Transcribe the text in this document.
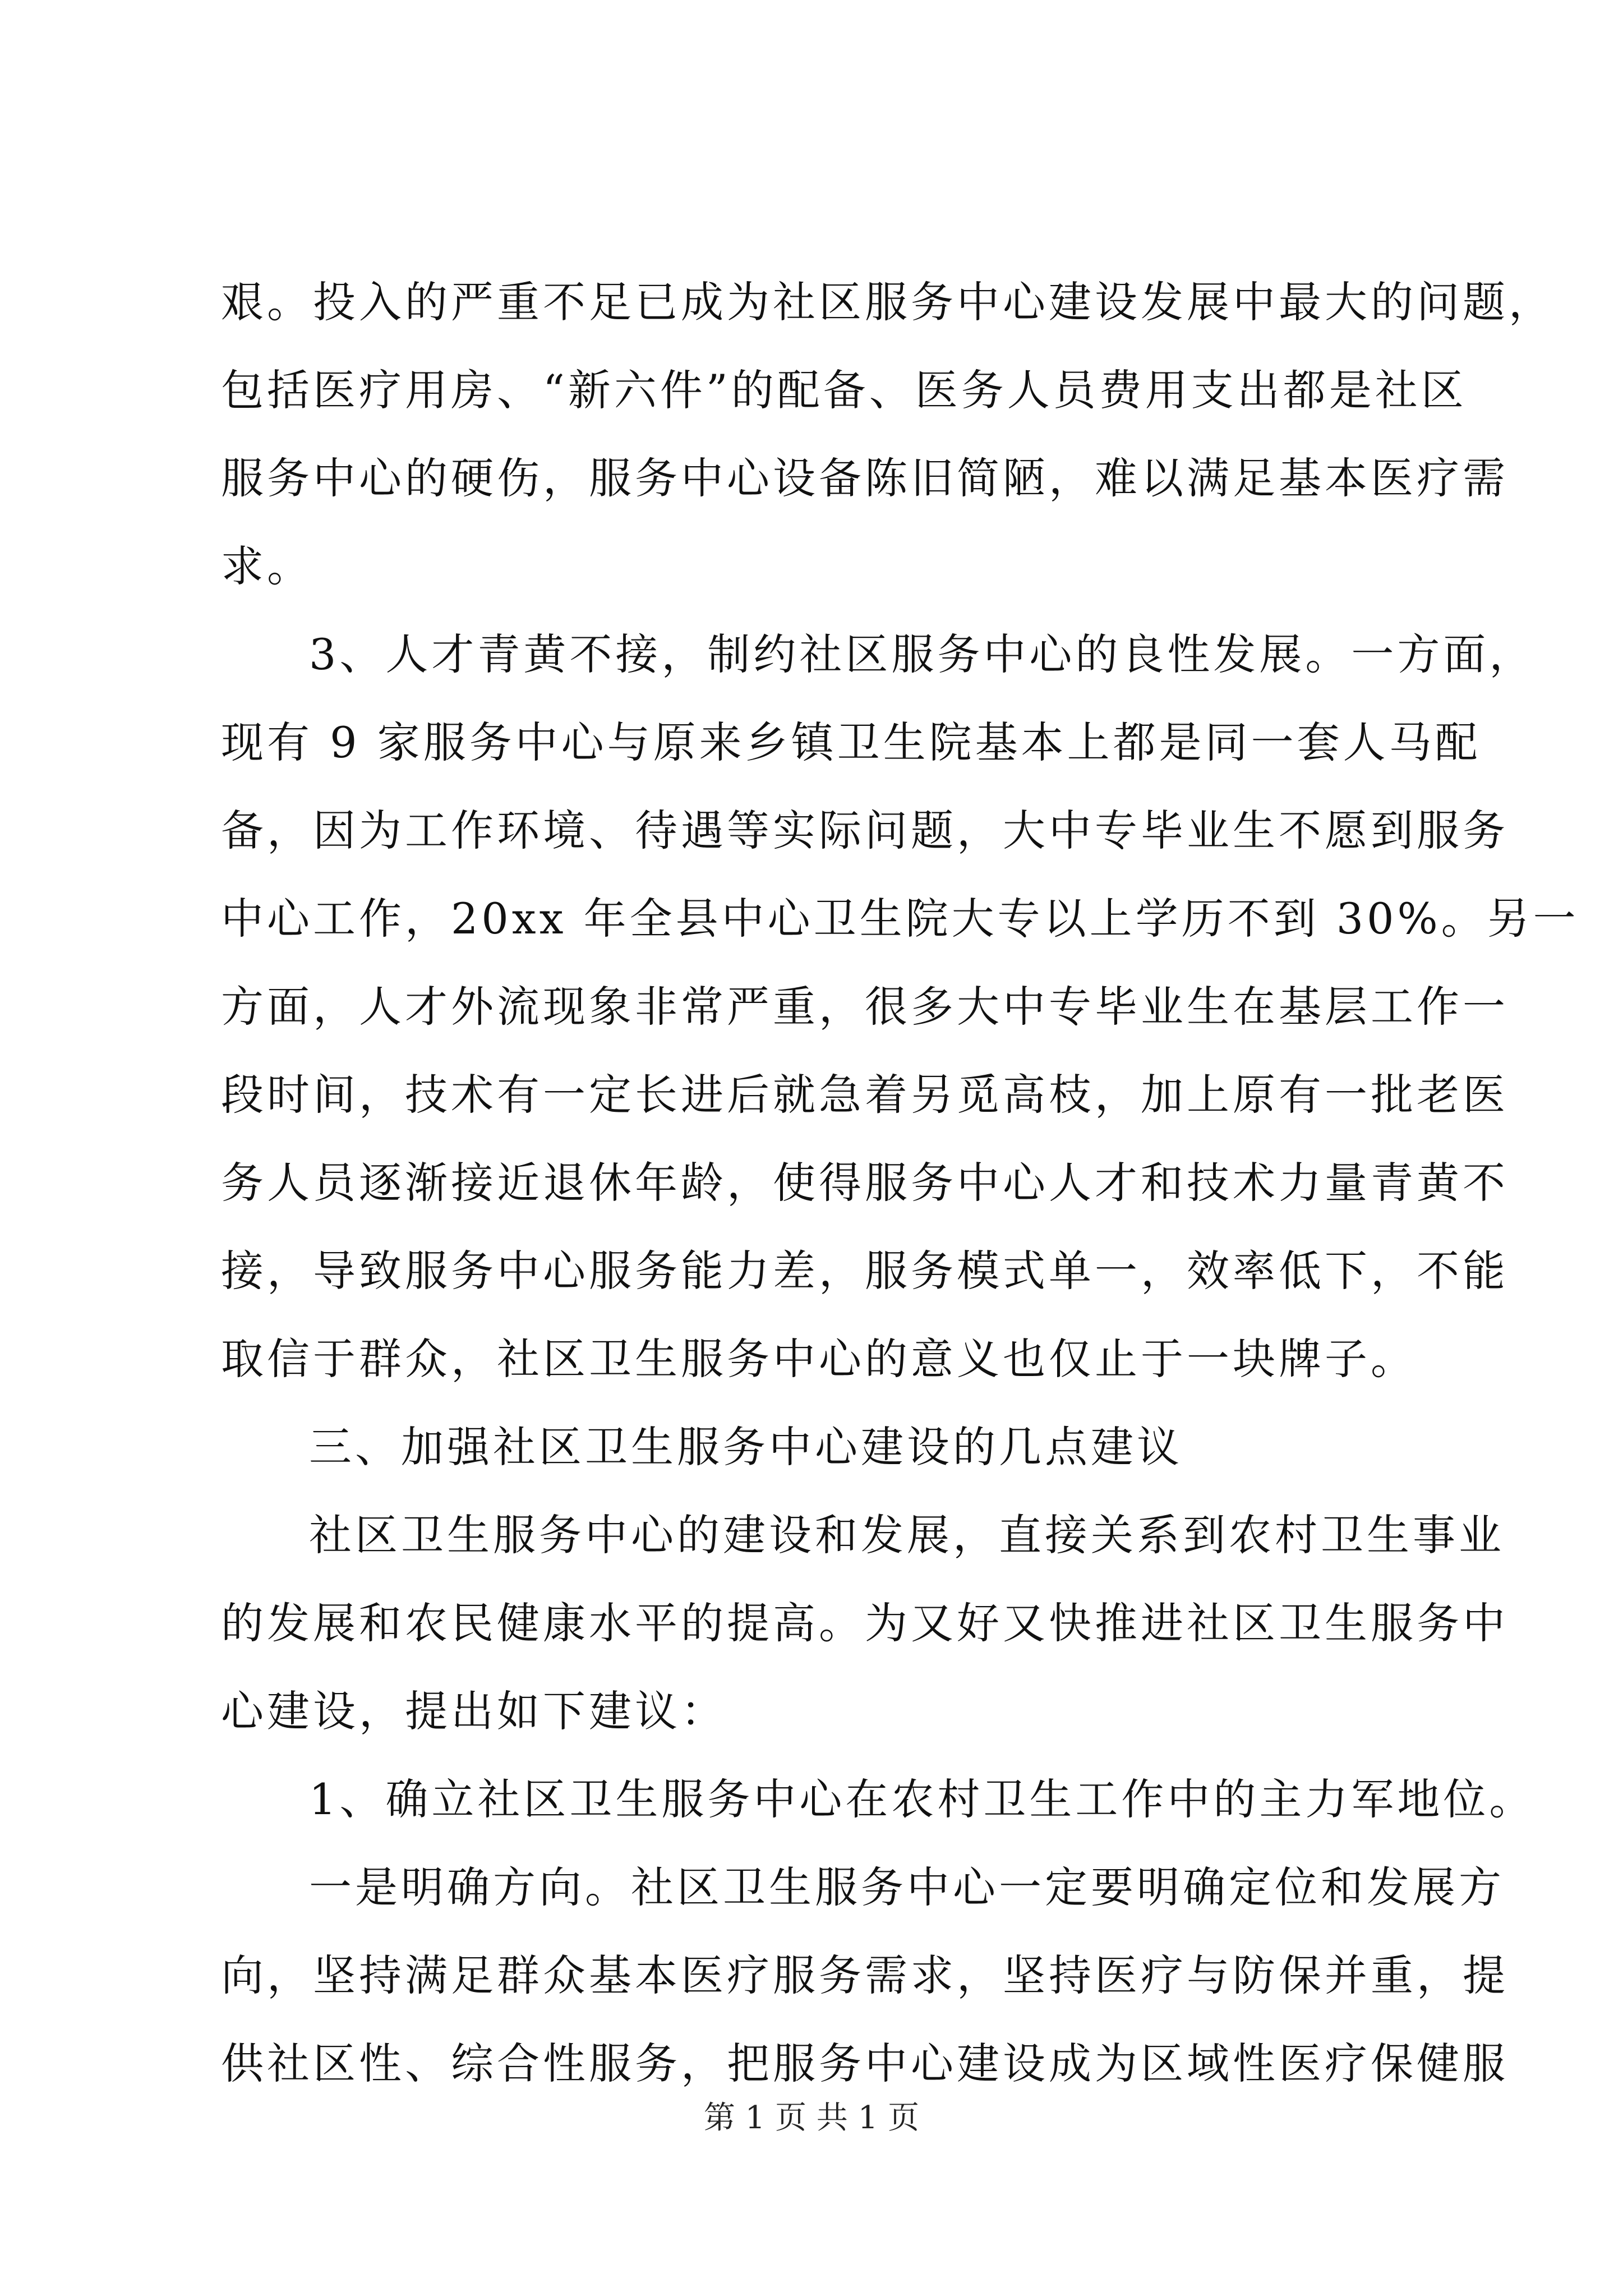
艰。投入的严重不足已成为社区服务中心建设发展中最大的问题，
包括医疗用房、“新六件”的配备、医务人员费用支出都是社区
服务中心的硬伤，服务中心设备陈旧简陋，难以满足基本医疗需
求。
3、人才青黄不接，制约社区服务中心的良性发展。一方面，
现有 9 家服务中心与原来乡镇卫生院基本上都是同一套人马配
备，因为工作环境、待遇等实际问题，大中专毕业生不愿到服务
中心工作，20xx 年全县中心卫生院大专以上学历不到 30%。另一
方面，人才外流现象非常严重，很多大中专毕业生在基层工作一
段时间，技术有一定长进后就急着另觅高枝，加上原有一批老医
务人员逐渐接近退休年龄，使得服务中心人才和技术力量青黄不
接，导致服务中心服务能力差，服务模式单一，效率低下，不能
取信于群众，社区卫生服务中心的意义也仅止于一块牌子。
三、加强社区卫生服务中心建设的几点建议
社区卫生服务中心的建设和发展，直接关系到农村卫生事业
的发展和农民健康水平的提高。为又好又快推进社区卫生服务中
心建设，提出如下建议：
1、确立社区卫生服务中心在农村卫生工作中的主力军地位。
一是明确方向。社区卫生服务中心一定要明确定位和发展方
向，坚持满足群众基本医疗服务需求，坚持医疗与防保并重，提
供社区性、综合性服务，把服务中心建设成为区域性医疗保健服
第 1 页 共 1 页
